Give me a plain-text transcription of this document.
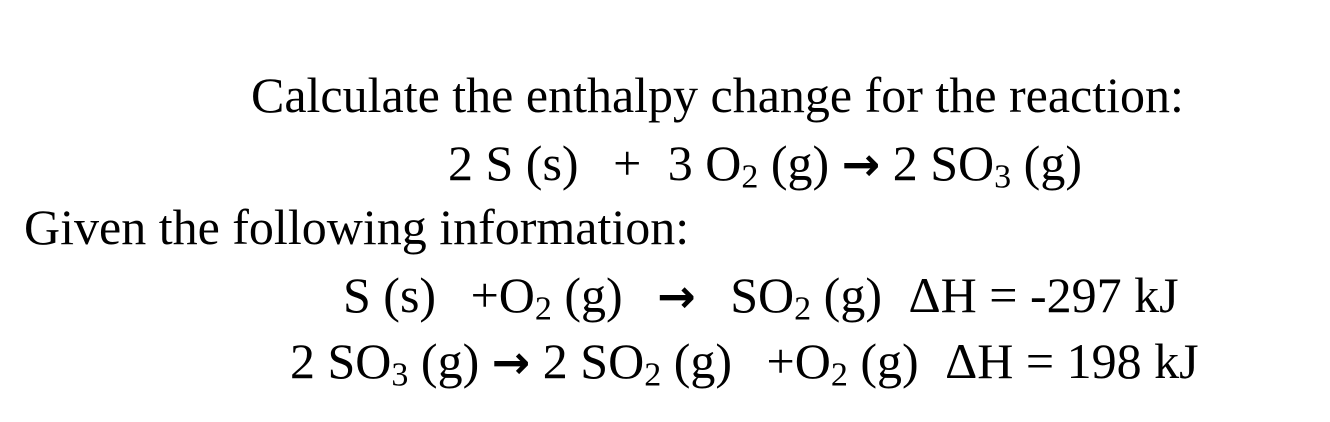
Calculate the enthalpy change for the reaction:
2 S (s) + 3 $O_2$ (g) → 2 $SO_3$ (g)
Given the following information:
S $(s) +O_2$ $(g) \to SO_2$ (g) ΔH = -297 kJ
2 $SO_3$ (g) → 2 $SO_2$ $(g) +O_2$ (g) ΔH = 198 kJ
